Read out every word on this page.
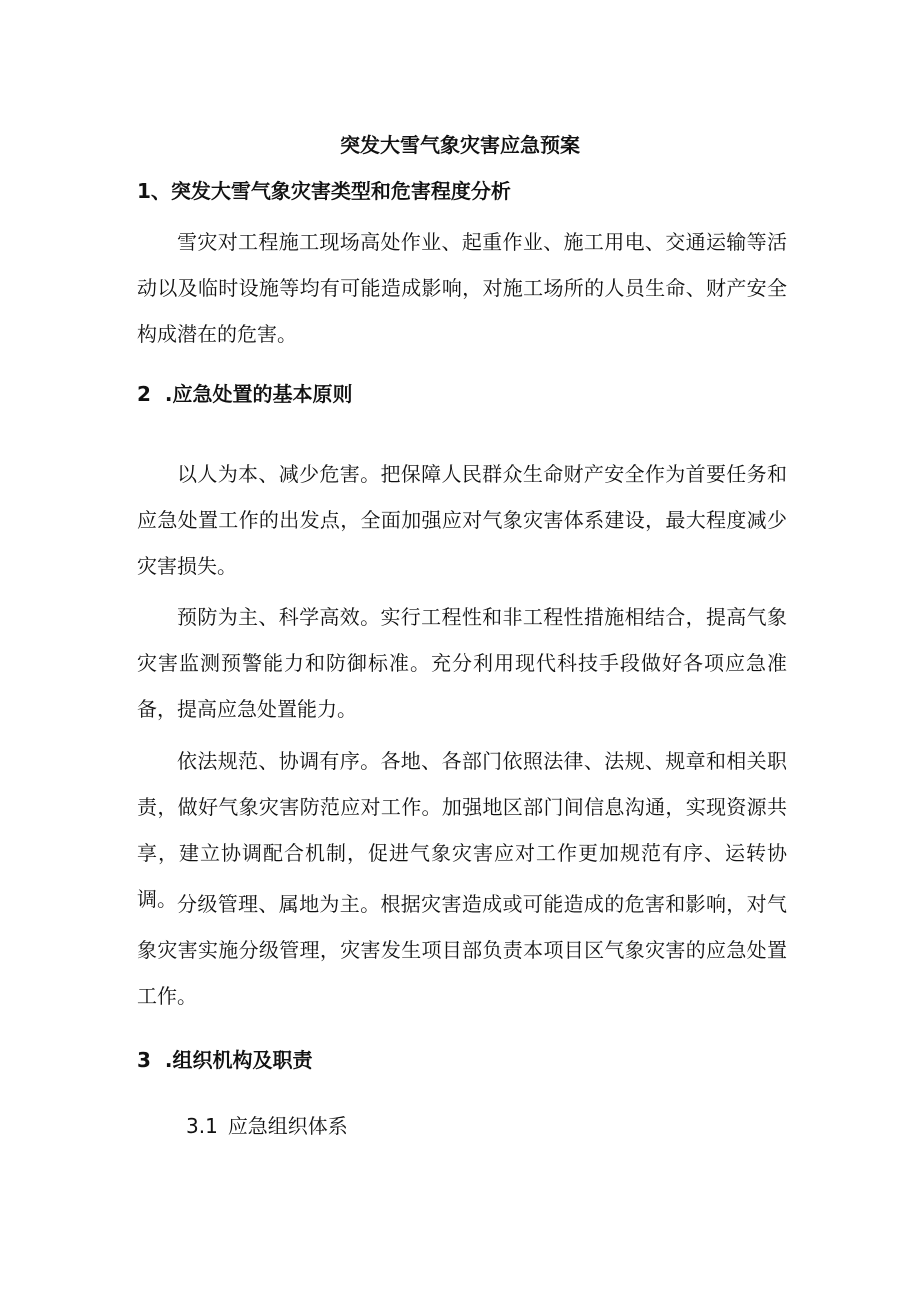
突发大雪气象灾害应急预案
1、突发大雪气象灾害类型和危害程度分析

雪灾对工程施工现场高处作业、起重作业、施工用电、交通运输等活动以及临时设施等均有可能造成影响，对施工场所的人员生命、财产安全构成潜在的危害。

2 .应急处置的基本原则

以人为本、减少危害。把保障人民群众生命财产安全作为首要任务和应急处置工作的出发点，全面加强应对气象灾害体系建设，最大程度减少灾害损失。

预防为主、科学高效。实行工程性和非工程性措施相结合，提高气象灾害监测预警能力和防御标准。充分利用现代科技手段做好各项应急准备，提高应急处置能力。

依法规范、协调有序。各地、各部门依照法律、法规、规章和相关职责，做好气象灾害防范应对工作。加强地区部门间信息沟通，实现资源共享，建立协调配合机制，促进气象灾害应对工作更加规范有序、运转协调。 分级管理、属地为主。根据灾害造成或可能造成的危害和影响，对气象灾害实施分级管理，灾害发生项目部负责本项目区气象灾害的应急处置工作。

3 .组织机构及职责
3.1 应急组织体系
